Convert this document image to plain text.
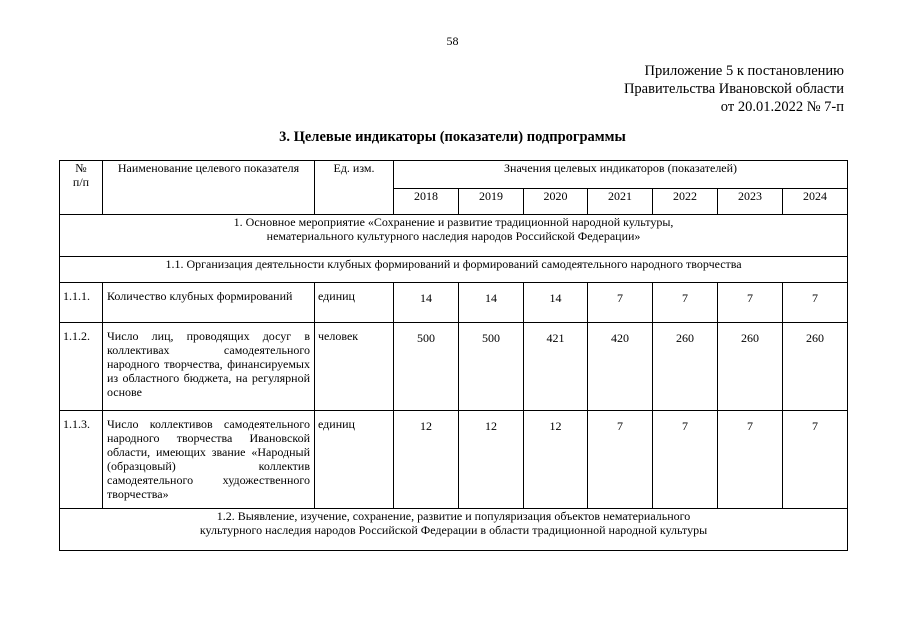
58
Приложение 5 к постановлению
Правительства Ивановской области
от 20.01.2022 № 7-п
3. Целевые индикаторы (показатели) подпрограммы
№
п/п	Наименование целевого показателя	Ед. изм.	Значения целевых индикаторов (показателей)						
			2018	2019	2020	2021	2022	2023	2024

1. Основное мероприятие «Сохранение и развитие традиционной народной культуры,
нематериального культурного наследия народов Российской Федерации»									

1.1. Организация деятельности клубных формирований и формирований самодеятельного народного творчества									
1.1.1.	Количество клубных формирований	единиц	14	14	14	7	7	7	7
1.1.2.	Число лиц, проводящих досуг в коллективах самодеятельного народного творчества, финансируемых из областного бюджета, на регулярной основе	человек	500	500	421	420	260	260	260
1.1.3.	Число коллективов самодеятельного народного творчества Ивановской области, имеющих звание «Народный (образцовый) коллектив самодеятельного художественного творчества»	единиц	12	12	12	7	7	7	7

1.2. Выявление, изучение, сохранение, развитие и популяризация объектов нематериального
культурного наследия народов Российской Федерации в области традиционной народной культуры									
